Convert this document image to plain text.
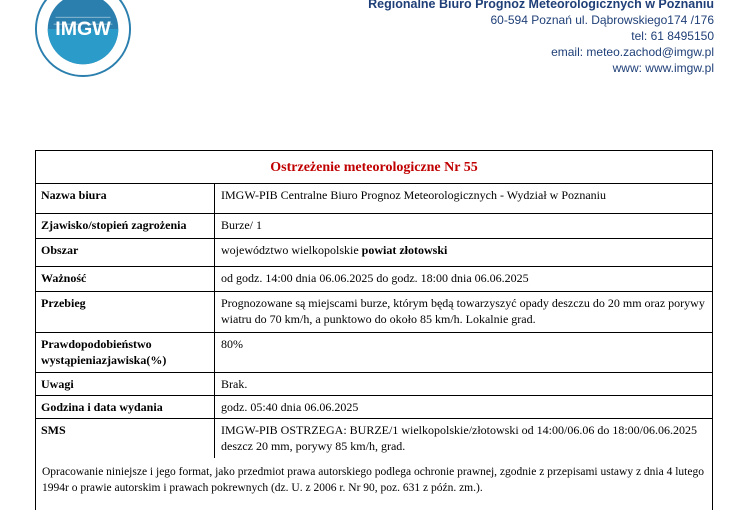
IMGW
Regionalne Biuro Prognoz Meteorologicznych w Poznaniu
60-594 Poznań ul. Dąbrowskiego174 /176
tel: 61 8495150
email: meteo.zachod@imgw.pl
www: www.imgw.pl
Ostrzeżenie meteorologiczne Nr 55
Nazwa biura	IMGW-PIB Centralne Biuro Prognoz Meteorologicznych - Wydział w Poznaniu
Zjawisko/stopień zagrożenia	Burze/ 1
Obszar	województwo wielkopolskie powiat złotowski
Ważność	od godz. 14:00 dnia 06.06.2025 do godz. 18:00 dnia 06.06.2025
Przebieg	Prognozowane są miejscami burze, którym będą towarzyszyć opady deszczu do 20 mm oraz porywy wiatru do 70 km/h, a punktowo do około 85 km/h. Lokalnie grad.
Prawdopodobieństwo wystąpieniazjawiska(%)	80%
Uwagi	Brak.
Godzina i data wydania	godz. 05:40 dnia 06.06.2025
SMS	IMGW-PIB OSTRZEGA: BURZE/1 wielkopolskie/złotowski od 14:00/06.06 do 18:00/06.06.2025 deszcz 20 mm, porywy 85 km/h, grad.
Opracowanie niniejsze i jego format, jako przedmiot prawa autorskiego podlega ochronie prawnej, zgodnie z przepisami ustawy z dnia 4 lutego 1994r o prawie autorskim i prawach pokrewnych (dz. U. z 2006 r. Nr 90, poz. 631 z późn. zm.).
